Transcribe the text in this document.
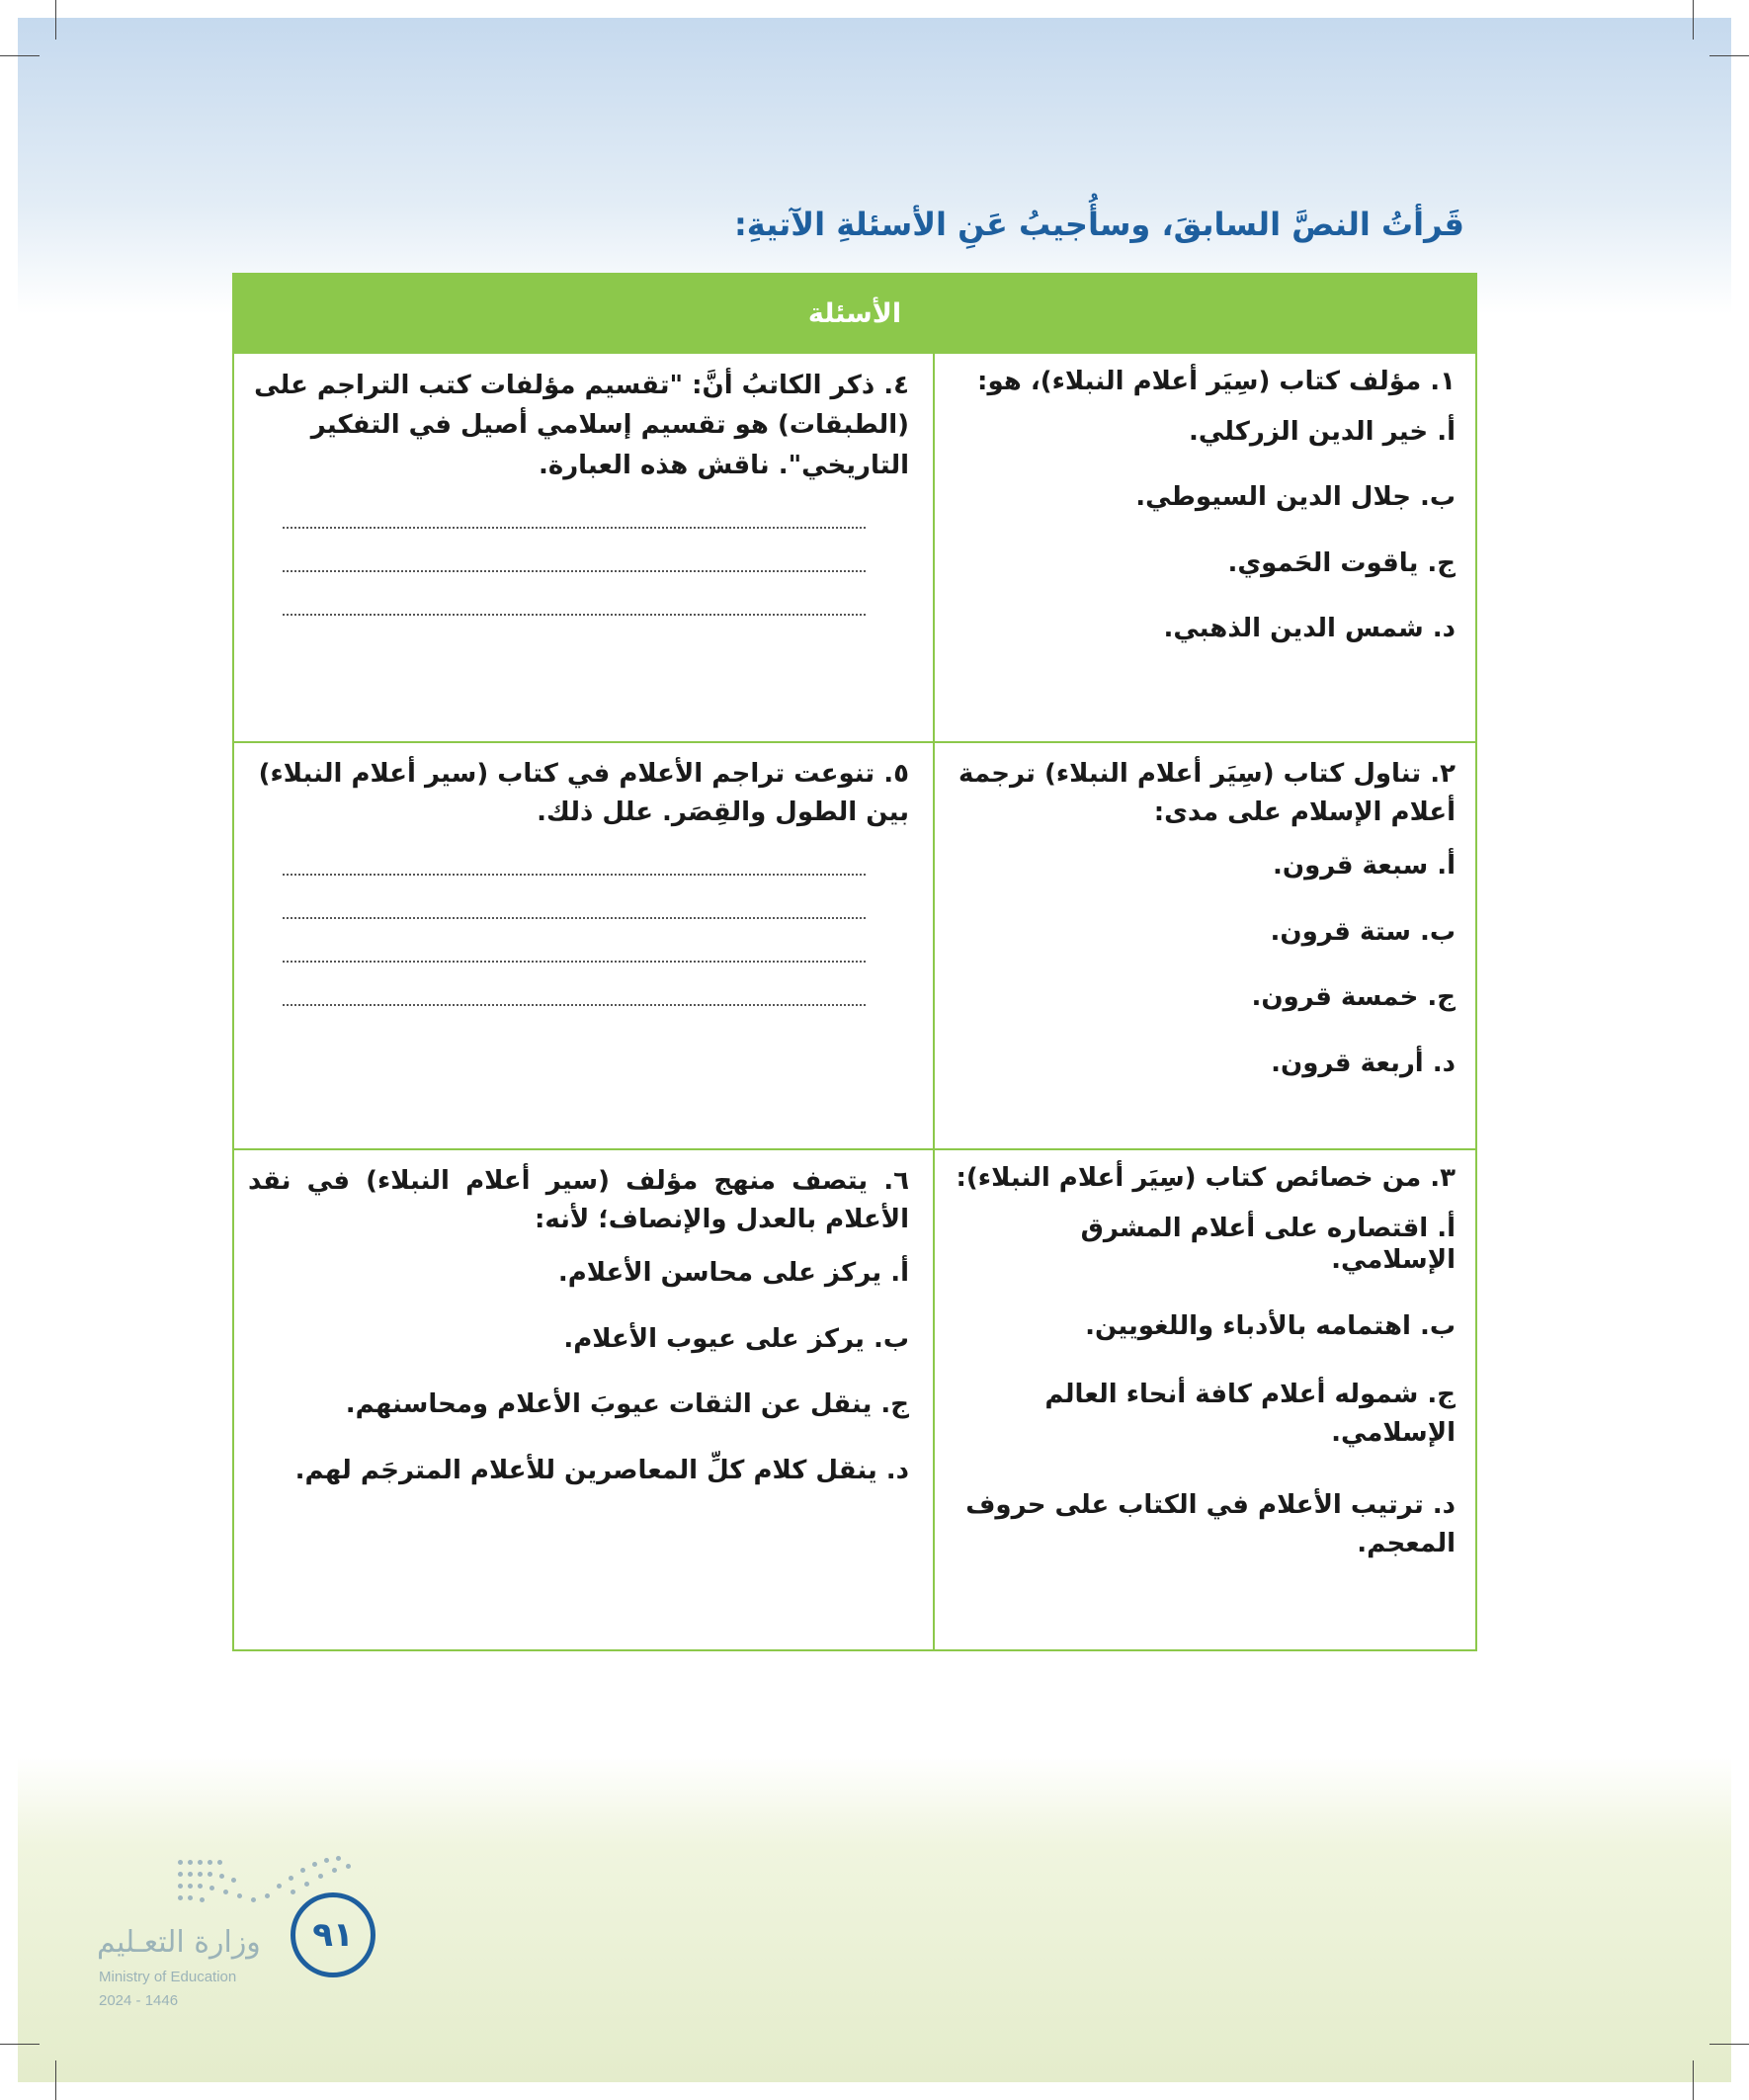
قَرأتُ النصَّ السابقَ، وسأُجيبُ عَنِ الأسئلةِ الآتيةِ:
الأسئلة
١. مؤلف كتاب (سِيَر أعلام النبلاء)، هو:
أ. خير الدين الزركلي.
ب. جلال الدين السيوطي.
ج. ياقوت الحَموي.
د. شمس الدين الذهبي.
٤. ذكر الكاتبُ أنَّ: "تقسيم مؤلفات كتب التراجم على (الطبقات) هو تقسيم إسلامي أصيل في التفكير التاريخي". ناقش هذه العبارة.
٢. تناول كتاب (سِيَر أعلام النبلاء) ترجمة أعلام الإسلام على مدى:
أ. سبعة قرون.
ب. ستة قرون.
ج. خمسة قرون.
د. أربعة قرون.
٥. تنوعت تراجم الأعلام في كتاب (سير أعلام النبلاء) بين الطول والقِصَر. علل ذلك.
٣. من خصائص كتاب (سِيَر أعلام النبلاء):
أ. اقتصاره على أعلام المشرق الإسلامي.
ب. اهتمامه بالأدباء واللغويين.
ج. شموله أعلام كافة أنحاء العالم الإسلامي.
د. ترتيب الأعلام في الكتاب على حروف المعجم.
٦. يتصف منهج مؤلف (سير أعلام النبلاء) في نقد الأعلام بالعدل والإنصاف؛ لأنه:
أ. يركز على محاسن الأعلام.
ب. يركز على عيوب الأعلام.
ج. ينقل عن الثقات عيوبَ الأعلام ومحاسنهم.
د. ينقل كلام كلِّ المعاصرين للأعلام المترجَم لهم.
٩١
وزارة التعـليم
Ministry of Education
2024 - 1446
